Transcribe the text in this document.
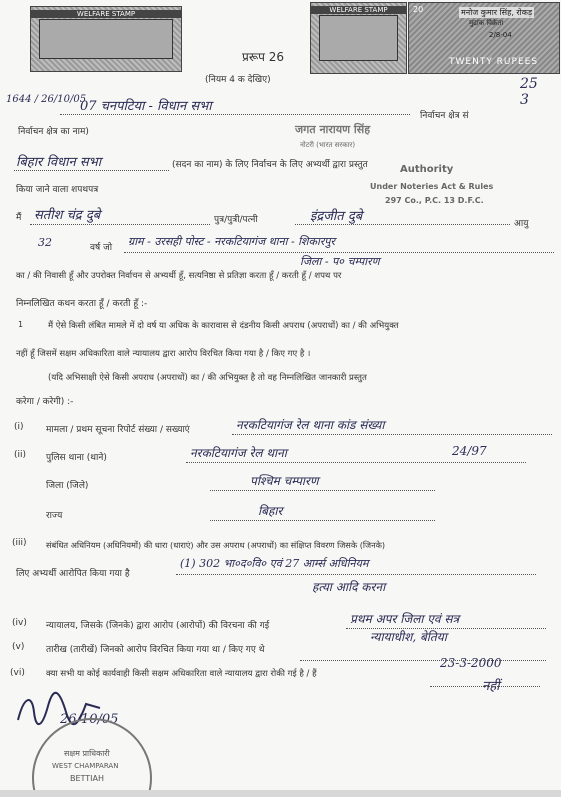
WELFARE STAMP	WELFARE STAMP	20	मनोज कुमार सिंह, रोकड़
मुद्रांक विक्रेता
2/8-04
TWENTY RUPEES
प्ररूप 26
(नियम 4 क देखिए)	25
3
1644 / 26/10/05
07 चनपटिया - विधान सभा
निर्वाचन क्षेत्र सं
निर्वाचन क्षेत्र का नाम)	जगत नारायण सिंह
नोटरी (भारत सरकार)
Authority
Under Noteries Act & Rules
297 Co., P.C. 13 D.F.C.
बिहार विधान सभा	(सदन का नाम) के लिए निर्वाचन के लिए अभ्यर्थी द्वारा प्रस्तुत
किया जाने वाला शपथपत्र
मैं सतीश चंद्र दुबे	पुत्र/पुत्री/पत्नी	इंद्रजीत दुबे	आयु
32	वर्ष जो ग्राम - उरसही पोस्ट - नरकटियागंज थाना - शिकारपुर
जिला - प० चम्पारण
का / की निवासी हूँ और उपरोक्त निर्वाचन से अभ्यर्थी हूँ, सत्यनिष्ठा से प्रतिज्ञा करता हूँ / करती हूँ / शपथ पर
निम्नलिखित कथन करता हूँ / करती हूँ :-
1	मैं ऐसे किसी लंबित मामले में दो वर्ष या अधिक के कारावास से दंडनीय किसी अपराध (अपराधों) का / की अभियुक्त
नहीं हूँ जिसमें सक्षम अधिकारिता वाले न्यायालय द्वारा आरोप विरचित किया गया है / किए गए है ।
(यदि अभिसाक्षी ऐसे किसी अपराध (अपराधों) का / की अभियुक्त है तो वह निम्नलिखित जानकारी प्रस्तुत
करेगा / करेगी) :-
(i) मामला / प्रथम सूचना रिपोर्ट संख्या / सख्याएं	नरकटियागंज रेल थाना कांड संख्या
(ii) पुलिस थाना (थाने)	नरकटियागंज रेल थाना	24/97
जिला (जिले)	पश्चिम चम्पारण
राज्य	बिहार
(iii) संबंधित अधिनियम (अधिनियमों) की धारा (धाराएं) और उस अपराध (अपराधों) का संक्षिप्त विवरण जिसके (जिनके)
लिए अभ्यर्थी आरोपित किया गया है
(1) 302 भा०द०वि० एवं 27 आर्म्स अधिनियम
हत्या आदि करना
(iv) न्यायालय, जिसके (जिनके) द्वारा आरोप (आरोपों) की विरचना की गई	प्रथम अपर जिला एवं सत्र
न्यायाधीश, बेतिया
(v) तारीख (तारीखें) जिनको आरोप विरचित किया गया था / किए गए थे
23-3-2000
(vi) क्या सभी या कोई कार्यवाही किसी सक्षम अधिकारिता वाले न्यायालय द्वारा रोकी गई है / हैं
नहीं
26/10/05
सक्षम प्राधिकारी
WEST CHAMPARAN
BETTIAH
